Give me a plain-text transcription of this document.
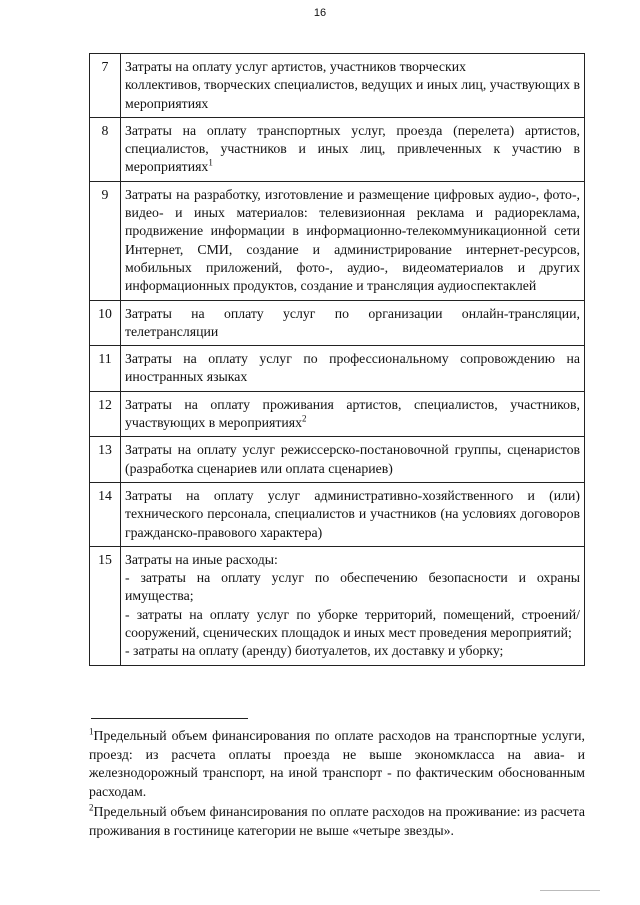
16
7	Затраты на оплату услуг артистов, участников творческих
коллективов, творческих специалистов, ведущих и иных лиц, участвующих в мероприятиях

8	Затраты на оплату транспортных услуг, проезда (перелета) артистов, специалистов, участников и иных лиц, привлеченных к участию в мероприятиях$^1$

9	Затраты на разработку, изготовление и размещение цифровых аудио-, фото-, видео- и иных материалов: телевизионная реклама и радиореклама, продвижение информации в информационно-телекоммуникационной сети Интернет, СМИ, создание и администрирование интернет-ресурсов, мобильных приложений, фото-, аудио-, видеоматериалов и других информационных продуктов, создание и трансляция аудиоспектаклей

10	Затраты на оплату услуг по организации онлайн-трансляции, телетрансляции

11	Затраты на оплату услуг по профессиональному сопровождению на иностранных языках

12	Затраты на оплату проживания артистов, специалистов, участников, участвующих в мероприятиях$^2$

13	Затраты на оплату услуг режиссерско-постановочной группы, сценаристов (разработка сценариев или оплата сценариев)

14	Затраты на оплату услуг административно-хозяйственного и (или) технического персонала, специалистов и участников (на условиях договоров гражданско-правового характера)

15	Затраты на иные расходы:
- затраты на оплату услуг по обеспечению безопасности и охраны имущества;
- затраты на оплату услуг по уборке территорий, помещений, строений/сооружений, сценических площадок и иных мест проведения мероприятий;
- затраты на оплату (аренду) биотуалетов, их доставку и уборку;

$^1$Предельный объем финансирования по оплате расходов на транспортные услуги, проезд: из расчета оплаты проезда не выше экономкласса на авиа- и железнодорожный транспорт, на иной транспорт - по фактическим обоснованным расходам.

$^2$Предельный объем финансирования по оплате расходов на проживание: из расчета проживания в гостинице категории не выше «четыре звезды».
